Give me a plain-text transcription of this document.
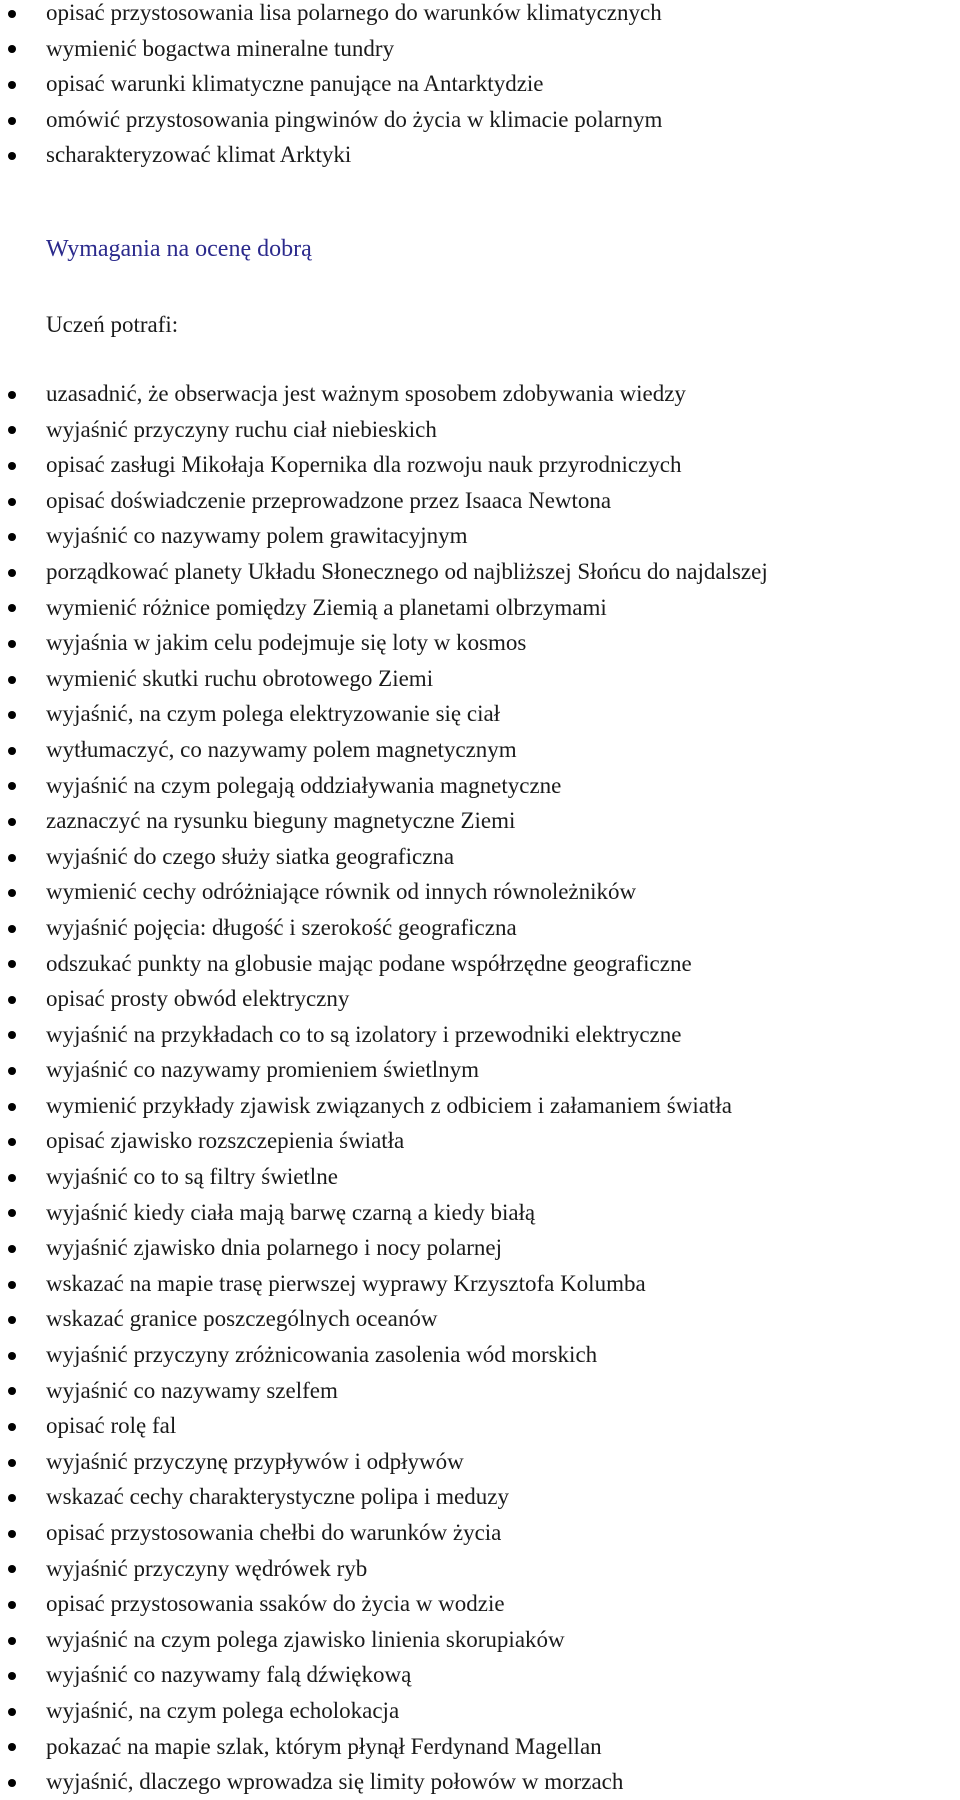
opisać przystosowania lisa polarnego do warunków klimatycznych
wymienić bogactwa mineralne tundry
opisać warunki klimatyczne panujące na Antarktydzie
omówić przystosowania pingwinów do życia w klimacie polarnym
scharakteryzować klimat Arktyki
Wymagania na ocenę dobrą

Uczeń potrafi:

uzasadnić, że obserwacja jest ważnym sposobem zdobywania wiedzy
wyjaśnić przyczyny ruchu ciał niebieskich
opisać zasługi Mikołaja Kopernika dla rozwoju nauk przyrodniczych
opisać doświadczenie przeprowadzone przez Isaaca Newtona
wyjaśnić co nazywamy polem grawitacyjnym
porządkować planety Układu Słonecznego od najbliższej Słońcu do najdalszej
wymienić różnice pomiędzy Ziemią a planetami olbrzymami
wyjaśnia w jakim celu podejmuje się loty w kosmos
wymienić skutki ruchu obrotowego Ziemi
wyjaśnić, na czym polega elektryzowanie się ciał
wytłumaczyć, co nazywamy polem magnetycznym
wyjaśnić na czym polegają oddziaływania magnetyczne
zaznaczyć na rysunku bieguny magnetyczne Ziemi
wyjaśnić do czego służy siatka geograficzna
wymienić cechy odróżniające równik od innych równoleżników
wyjaśnić pojęcia: długość i szerokość geograficzna
odszukać punkty na globusie mając podane współrzędne geograficzne
opisać prosty obwód elektryczny
wyjaśnić na przykładach co to są izolatory i przewodniki elektryczne
wyjaśnić co nazywamy promieniem świetlnym
wymienić przykłady zjawisk związanych z odbiciem i załamaniem światła
opisać zjawisko rozszczepienia światła
wyjaśnić co to są filtry świetlne
wyjaśnić kiedy ciała mają barwę czarną a kiedy białą
wyjaśnić zjawisko dnia polarnego i nocy polarnej
wskazać na mapie trasę pierwszej wyprawy Krzysztofa Kolumba
wskazać granice poszczególnych oceanów
wyjaśnić przyczyny zróżnicowania zasolenia wód morskich
wyjaśnić co nazywamy szelfem
opisać rolę fal
wyjaśnić przyczynę przypływów i odpływów
wskazać cechy charakterystyczne polipa i meduzy
opisać przystosowania chełbi do warunków życia
wyjaśnić przyczyny wędrówek ryb
opisać przystosowania ssaków do życia w wodzie
wyjaśnić na czym polega zjawisko linienia skorupiaków
wyjaśnić co nazywamy falą dźwiękową
wyjaśnić, na czym polega echolokacja
pokazać na mapie szlak, którym płynął Ferdynand Magellan
wyjaśnić, dlaczego wprowadza się limity połowów w morzach
